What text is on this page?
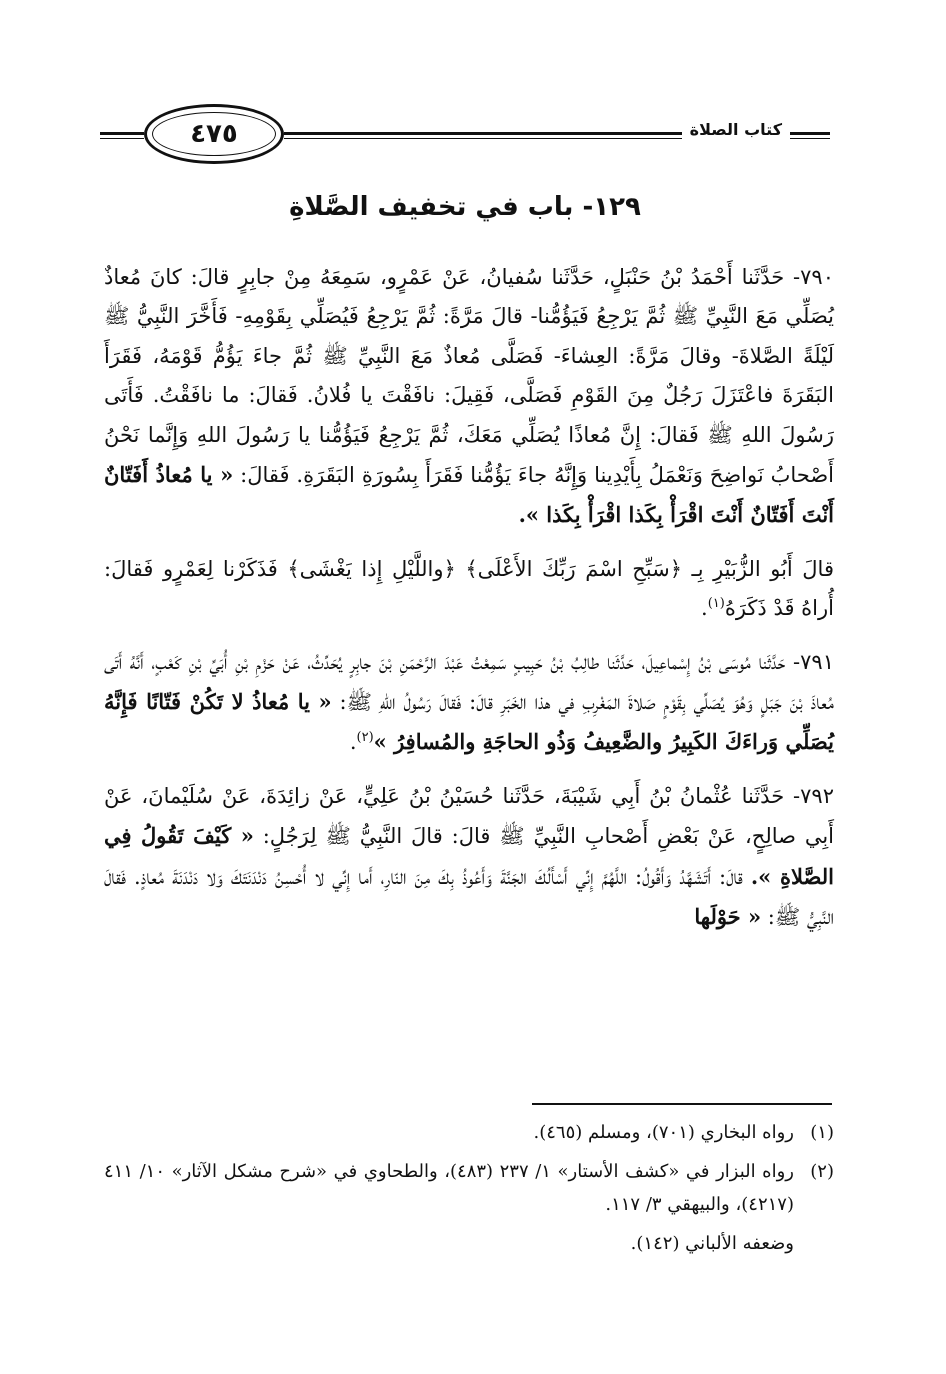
كتاب الصلاة
٤٧٥
١٢٩- باب في تخفيف الصَّلاةِ

٧٩٠- حَدَّثَنا أَحْمَدُ بْنُ حَنْبَلٍ، حَدَّثَنا سُفيانُ، عَنْ عَمْرٍو، سَمِعَهُ مِنْ جابِرٍ قالَ: كانَ مُعاذٌ يُصَلِّي مَعَ النَّبِيِّ ﷺ ثُمَّ يَرْجِعُ فَيَؤُمُّنا- قالَ مَرَّةً: ثُمَّ يَرْجِعُ فَيُصَلِّي بِقَوْمِهِ- فَأَخَّرَ النَّبِيُّ ﷺ لَيْلَةً الصَّلاةَ- وقالَ مَرَّةً: العِشاءَ- فَصَلَّى مُعاذٌ مَعَ النَّبِيِّ ﷺ ثُمَّ جاءَ يَؤُمُّ قَوْمَهُ، فَقَرَأَ البَقَرَةَ فاعْتَزَلَ رَجُلٌ مِنَ القَوْمِ فَصَلَّى، فَقِيلَ: نافَقْتَ يا فُلانُ. فَقالَ: ما نافَقْتُ. فَأَتَى رَسُولَ اللهِ ﷺ فَقالَ: إِنَّ مُعاذًا يُصَلِّي مَعَكَ، ثُمَّ يَرْجِعُ فَيَؤُمُّنا يا رَسُولَ اللهِ وَإِنَّما نَحْنُ أَصْحابُ نَواضِحَ وَنَعْمَلُ بِأَيْدِينا وَإِنَّهُ جاءَ يَؤُمُّنا فَقَرَأَ بِسُورَةِ البَقَرَةِ. فَقالَ: « يا مُعاذُ أَفَتّانٌ أَنْتَ أَفَتّانٌ أَنْتَ اقْرَأْ بِكَذا اقْرَأْ بِكَذا ».

قالَ أَبُو الزُّبَيْرِ بِـ ﴿سَبِّحِ اسْمَ رَبِّكَ الأَعْلَى﴾ ﴿واللَّيْلِ إِذا يَغْشَى﴾ فَذَكَرْنا لِعَمْرٍو فَقالَ: أُراهُ قَدْ ذَكَرَهُ$^{(١)}$.

٧٩١- حَدَّثَنا مُوسَى بْنُ إِسْماعِيلَ، حَدَّثَنا طالِبُ بْنُ حَبِيبٍ سَمِعْتُ عَبْدَ الرَّحْمَنِ بْنَ جابِرٍ يُحَدِّثُ، عَنْ حَزْمِ بْنِ أُبَيِّ بْنِ كَعْبٍ، أَنَّهُ أَتَى مُعاذَ بْنَ جَبَلٍ وَهُوَ يُصَلِّي بِقَوْمٍ صَلاةَ المَغْرِبِ في هذا الخَبَرِ قالَ: فَقالَ رَسُولُ اللهِ ﷺ: « يا مُعاذُ لا تَكُنْ فَتّانًا فَإِنَّهُ يُصَلِّي وَراءَكَ الكَبِيرُ والضَّعِيفُ وَذُو الحاجَةِ والمُسافِرُ »$^{(٢)}$.

٧٩٢- حَدَّثَنا عُثْمانُ بْنُ أَبِي شَيْبَةَ، حَدَّثَنا حُسَيْنُ بْنُ عَلِيٍّ، عَنْ زائِدَةَ، عَنْ سُلَيْمانَ، عَنْ أَبِي صالِحٍ، عَنْ بَعْضِ أَصْحابِ النَّبِيِّ ﷺ قالَ: قالَ النَّبِيُّ ﷺ لِرَجُلٍ: « كَيْفَ تَقُولُ فِي الصَّلاةِ ». قالَ: أَتَشَهَّدُ وَأَقُولُ: اللَّهُمَّ إِنِّي أَسْأَلُكَ الجَنَّةَ وَأَعُوذُ بِكَ مِنَ النّارِ، أَما إِنِّي لا أُحْسِنُ دَنْدَنَتَكَ وَلا دَنْدَنَةَ مُعاذٍ. فَقالَ النَّبِيُّ ﷺ: « حَوْلَها

(١)
رواه البخاري (٧٠١)، ومسلم (٤٦٥).
(٢)
رواه البزار في «كشف الأستار» ١/ ٢٣٧ (٤٨٣)، والطحاوي في «شرح مشكل الآثار» ١٠/ ٤١١ (٤٢١٧)، والبيهقي ٣/ ١١٧.
وضعفه الألباني (١٤٢).
